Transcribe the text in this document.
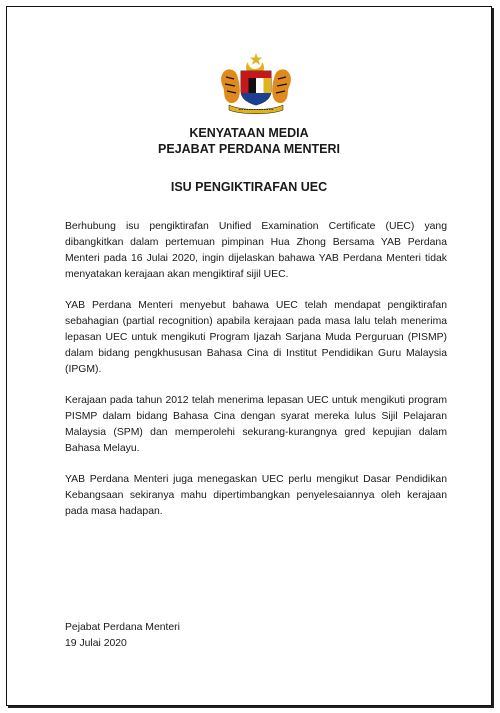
KENYATAAN MEDIA
PEJABAT PERDANA MENTERI
ISU PENGIKTIRAFAN UEC

Berhubung isu pengiktirafan Unified Examination Certificate (UEC) yang dibangkitkan dalam pertemuan pimpinan Hua Zhong Bersama YAB Perdana Menteri pada 16 Julai 2020, ingin dijelaskan bahawa YAB Perdana Menteri tidak menyatakan kerajaan akan mengiktiraf sijil UEC.

YAB Perdana Menteri menyebut bahawa UEC telah mendapat pengiktirafan sebahagian (partial recognition) apabila kerajaan pada masa lalu telah menerima lepasan UEC untuk mengikuti Program Ijazah Sarjana Muda Perguruan (PISMP) dalam bidang pengkhususan Bahasa Cina di Institut Pendidikan Guru Malaysia (IPGM).

Kerajaan pada tahun 2012 telah menerima lepasan UEC untuk mengikuti program PISMP dalam bidang Bahasa Cina dengan syarat mereka lulus Sijil Pelajaran Malaysia (SPM) dan memperolehi sekurang-kurangnya gred kepujian dalam Bahasa Melayu.

YAB Perdana Menteri juga menegaskan UEC perlu mengikut Dasar Pendidikan Kebangsaan sekiranya mahu dipertimbangkan penyelesaiannya oleh kerajaan pada masa hadapan.

Pejabat Perdana Menteri
19 Julai 2020
